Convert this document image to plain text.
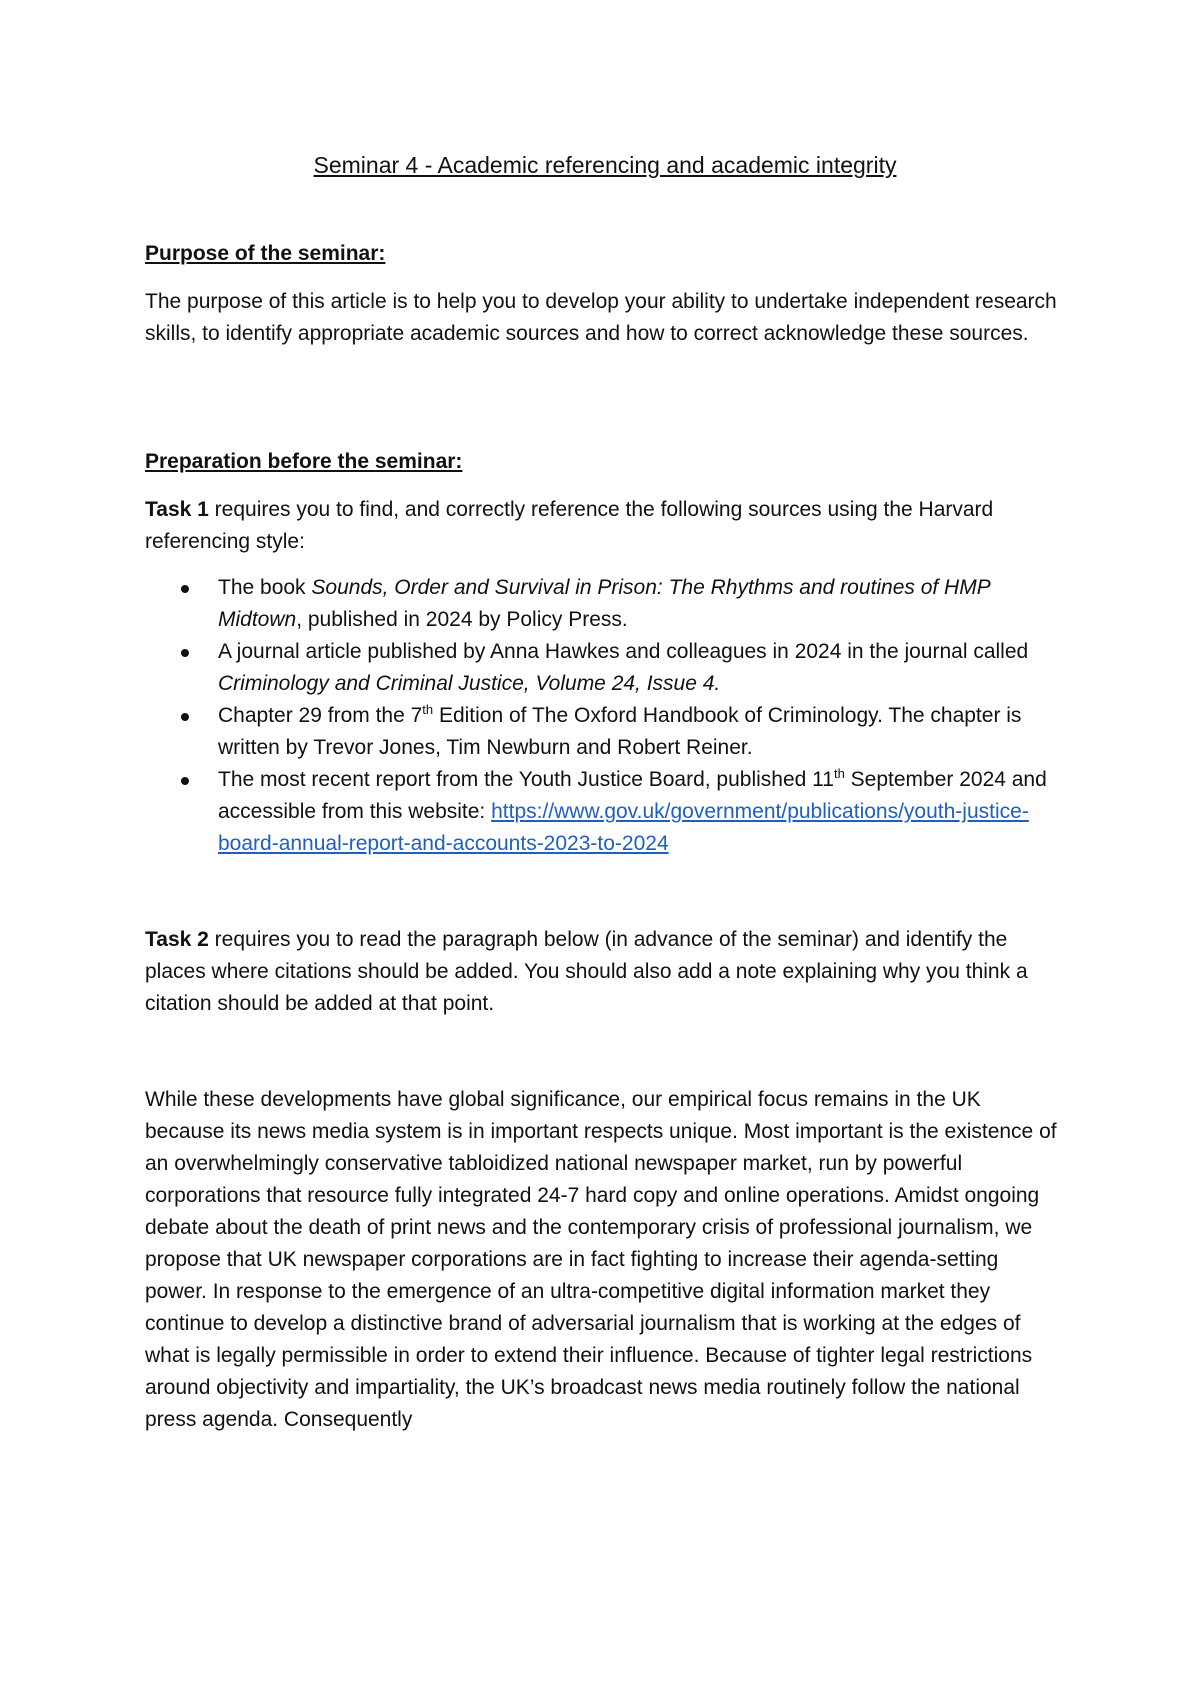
Seminar 4 - Academic referencing and academic integrity

Purpose of the seminar:

The purpose of this article is to help you to develop your ability to undertake independent research skills, to identify appropriate academic sources and how to correct acknowledge these sources.

Preparation before the seminar:

Task 1 requires you to find, and correctly reference the following sources using the Harvard referencing style:

The book Sounds, Order and Survival in Prison: The Rhythms and routines of HMP Midtown, published in 2024 by Policy Press.
A journal article published by Anna Hawkes and colleagues in 2024 in the journal called Criminology and Criminal Justice, Volume 24, Issue 4.
Chapter 29 from the 7th Edition of The Oxford Handbook of Criminology. The chapter is written by Trevor Jones, Tim Newburn and Robert Reiner.
The most recent report from the Youth Justice Board, published 11th September 2024 and accessible from this website: https://www.gov.uk/government/publications/youth-justice-board-annual-report-and-accounts-2023-to-2024

Task 2 requires you to read the paragraph below (in advance of the seminar) and identify the places where citations should be added. You should also add a note explaining why you think a citation should be added at that point.

While these developments have global significance, our empirical focus remains in the UK because its news media system is in important respects unique. Most important is the existence of an overwhelmingly conservative tabloidized national newspaper market, run by powerful corporations that resource fully integrated 24-7 hard copy and online operations. Amidst ongoing debate about the death of print news and the contemporary crisis of professional journalism, we propose that UK newspaper corporations are in fact fighting to increase their agenda-setting power. In response to the emergence of an ultra-competitive digital information market they continue to develop a distinctive brand of adversarial journalism that is working at the edges of what is legally permissible in order to extend their influence. Because of tighter legal restrictions around objectivity and impartiality, the UK’s broadcast news media routinely follow the national press agenda. Consequently
